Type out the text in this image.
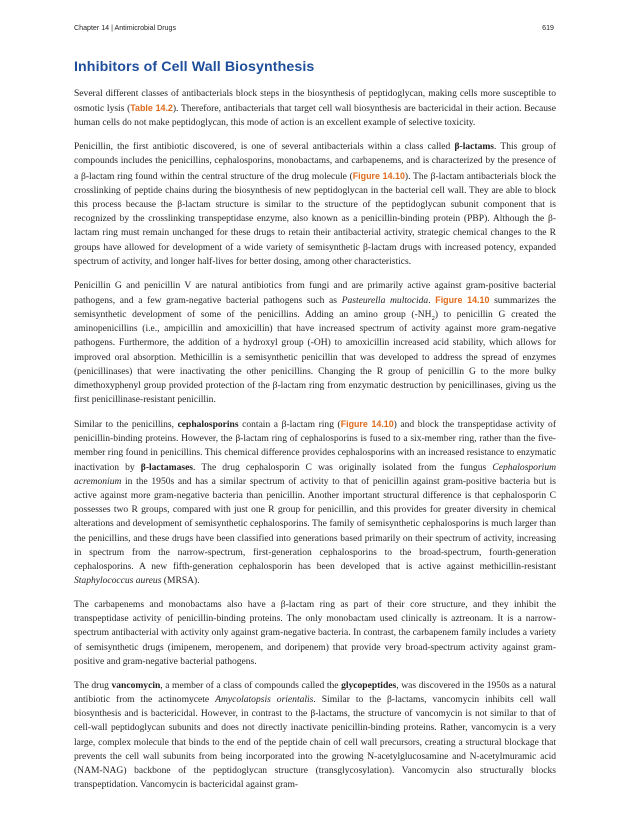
Chapter 14 | Antimicrobial Drugs	619
Inhibitors of Cell Wall Biosynthesis

Several different classes of antibacterials block steps in the biosynthesis of peptidoglycan, making cells more susceptible to osmotic lysis (Table 14.2). Therefore, antibacterials that target cell wall biosynthesis are bactericidal in their action. Because human cells do not make peptidoglycan, this mode of action is an excellent example of selective toxicity.

Penicillin, the first antibiotic discovered, is one of several antibacterials within a class called β-lactams. This group of compounds includes the penicillins, cephalosporins, monobactams, and carbapenems, and is characterized by the presence of a β-lactam ring found within the central structure of the drug molecule (Figure 14.10). The β-lactam antibacterials block the crosslinking of peptide chains during the biosynthesis of new peptidoglycan in the bacterial cell wall. They are able to block this process because the β-lactam structure is similar to the structure of the peptidoglycan subunit component that is recognized by the crosslinking transpeptidase enzyme, also known as a penicillin-binding protein (PBP). Although the β-lactam ring must remain unchanged for these drugs to retain their antibacterial activity, strategic chemical changes to the R groups have allowed for development of a wide variety of semisynthetic β-lactam drugs with increased potency, expanded spectrum of activity, and longer half-lives for better dosing, among other characteristics.

Penicillin G and penicillin V are natural antibiotics from fungi and are primarily active against gram-positive bacterial pathogens, and a few gram-negative bacterial pathogens such as Pasteurella multocida. Figure 14.10 summarizes the semisynthetic development of some of the penicillins. Adding an amino group $(-NH_2)$ to penicillin G created the aminopenicillins (i.e., ampicillin and amoxicillin) that have increased spectrum of activity against more gram-negative pathogens. Furthermore, the addition of a hydroxyl group (-OH) to amoxicillin increased acid stability, which allows for improved oral absorption. Methicillin is a semisynthetic penicillin that was developed to address the spread of enzymes (penicillinases) that were inactivating the other penicillins. Changing the R group of penicillin G to the more bulky dimethoxyphenyl group provided protection of the β-lactam ring from enzymatic destruction by penicillinases, giving us the first penicillinase-resistant penicillin.

Similar to the penicillins, cephalosporins contain a β-lactam ring (Figure 14.10) and block the transpeptidase activity of penicillin-binding proteins. However, the β-lactam ring of cephalosporins is fused to a six-member ring, rather than the five-member ring found in penicillins. This chemical difference provides cephalosporins with an increased resistance to enzymatic inactivation by β-lactamases. The drug cephalosporin C was originally isolated from the fungus Cephalosporium acremonium in the 1950s and has a similar spectrum of activity to that of penicillin against gram-positive bacteria but is active against more gram-negative bacteria than penicillin. Another important structural difference is that cephalosporin C possesses two R groups, compared with just one R group for penicillin, and this provides for greater diversity in chemical alterations and development of semisynthetic cephalosporins. The family of semisynthetic cephalosporins is much larger than the penicillins, and these drugs have been classified into generations based primarily on their spectrum of activity, increasing in spectrum from the narrow-spectrum, first-generation cephalosporins to the broad-spectrum, fourth-generation cephalosporins. A new fifth-generation cephalosporin has been developed that is active against methicillin-resistant Staphylococcus aureus (MRSA).

The carbapenems and monobactams also have a β-lactam ring as part of their core structure, and they inhibit the transpeptidase activity of penicillin-binding proteins. The only monobactam used clinically is aztreonam. It is a narrow-spectrum antibacterial with activity only against gram-negative bacteria. In contrast, the carbapenem family includes a variety of semisynthetic drugs (imipenem, meropenem, and doripenem) that provide very broad-spectrum activity against gram-positive and gram-negative bacterial pathogens.

The drug vancomycin, a member of a class of compounds called the glycopeptides, was discovered in the 1950s as a natural antibiotic from the actinomycete Amycolatopsis orientalis. Similar to the β-lactams, vancomycin inhibits cell wall biosynthesis and is bactericidal. However, in contrast to the β-lactams, the structure of vancomycin is not similar to that of cell-wall peptidoglycan subunits and does not directly inactivate penicillin-binding proteins. Rather, vancomycin is a very large, complex molecule that binds to the end of the peptide chain of cell wall precursors, creating a structural blockage that prevents the cell wall subunits from being incorporated into the growing N-acetylglucosamine and N-acetylmuramic acid (NAM-NAG) backbone of the peptidoglycan structure (transglycosylation). Vancomycin also structurally blocks transpeptidation. Vancomycin is bactericidal against gram-
